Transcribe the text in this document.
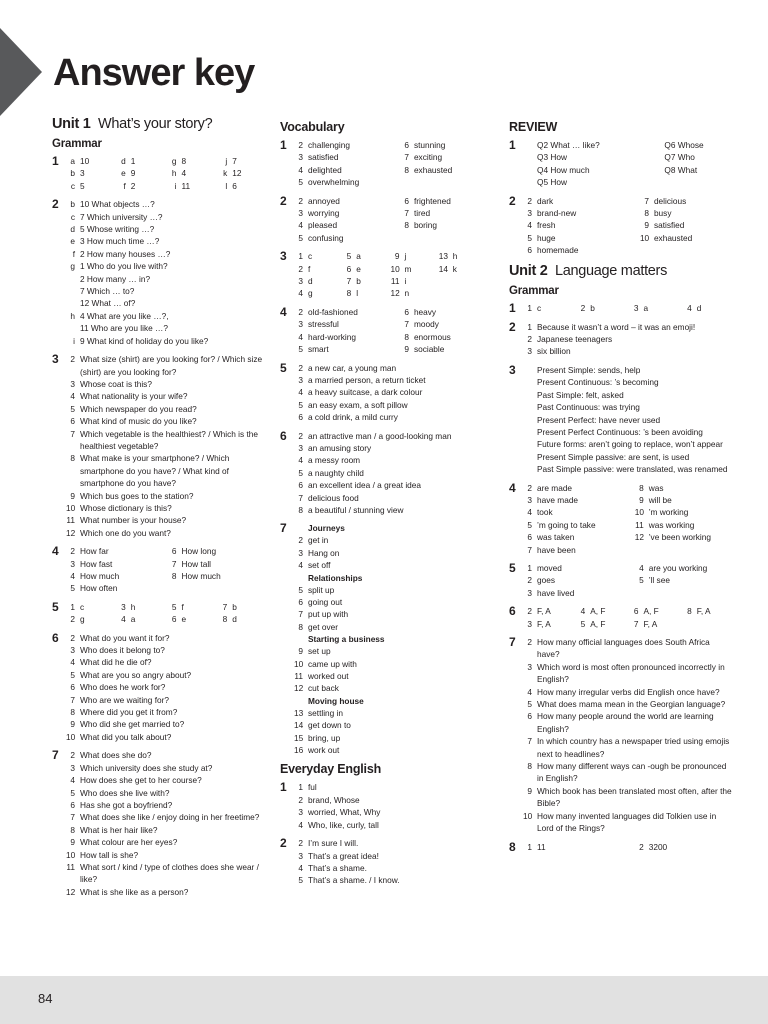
Answer key
Unit 1 What’s your story?
Grammar
1	a 10	d 1	g 8	j 7
b 3	e 9	h 4	k 12
c 5	f 2	i 11	l 6
2	b 10 What objects …?
c 7 Which university …?
d 5 Whose writing …?
e 3 How much time …?
f 2 How many houses …?
g 1 Who do you live with?
2 How many … in?
7 Which … to?
12 What … of?
h 4 What are you like …?,
11 Who are you like …?
i 9 What kind of holiday do you like?
3	2 What size (shirt) are you looking for? / Which size (shirt) are you looking for?
3 Whose coat is this?
4 What nationality is your wife?
5 Which newspaper do you read?
6 What kind of music do you like?
7 Which vegetable is the healthiest? / Which is the healthiest vegetable?
8 What make is your smartphone? / Which smartphone do you have? / What kind of smartphone do you have?
9 Which bus goes to the station?
10 Whose dictionary is this?
11 What number is your house?
12 Which one do you want?
4	2 How far	6 How long
3 How fast	7 How tall
4 How much	8 How much
5 How often
5	1 c	3 h	5 f	7 b
2 g	4 a	6 e	8 d
6	2 What do you want it for?
3 Who does it belong to?
4 What did he die of?
5 What are you so angry about?
6 Who does he work for?
7 Who are we waiting for?
8 Where did you get it from?
9 Who did she get married to?
10 What did you talk about?
7	2 What does she do?
3 Which university does she study at?
4 How does she get to her course?
5 Who does she live with?
6 Has she got a boyfriend?
7 What does she like / enjoy doing in her freetime?
8 What is her hair like?
9 What colour are her eyes?
10 How tall is she?
11 What sort / kind / type of clothes does she wear / like?
12 What is she like as a person?
Vocabulary
1	2 challenging	6 stunning
3 satisfied	7 exciting
4 delighted	8 exhausted
5 overwhelming
2	2 annoyed	6 frightened
3 worrying	7 tired
4 pleased	8 boring
5 confusing
3	1 c	5 a	9 j	13 h
2 f	6 e	10 m	14 k
3 d	7 b	11 i
4 g	8 l	12 n
4	2 old-fashioned	6 heavy
3 stressful	7 moody
4 hard-working	8 enormous
5 smart	9 sociable
5	2 a new car, a young man
3 a married person, a return ticket
4 a heavy suitcase, a dark colour
5 an easy exam, a soft pillow
6 a cold drink, a mild curry
6	2 an attractive man / a good-looking man
3 an amusing story
4 a messy room
5 a naughty child
6 an excellent idea / a great idea
7 delicious food
8 a beautiful / stunning view
7	Journeys
2 get in
3 Hang on
4 set off
Relationships
5 split up
6 going out
7 put up with
8 get over
Starting a business
9 set up
10 came up with
11 worked out
12 cut back
Moving house
13 settling in
14 get down to
15 bring, up
16 work out
Everyday English
1	1 ful
2 brand, Whose
3 worried, What, Why
4 Who, like, curly, tall
2	2 I’m sure I will.
3 That’s a great idea!
4 That’s a shame.
5 That’s a shame. / I know.
REVIEW
1	Q2 What … like?	Q6 Whose
Q3 How	Q7 Who
Q4 How much	Q8 What
Q5 How
2	2 dark	7 delicious
3 brand-new	8 busy
4 fresh	9 satisfied
5 huge	10 exhausted
6 homemade
Unit 2 Language matters
Grammar
1	1 c	2 b	3 a	4 d
2	1 Because it wasn’t a word – it was an emoji!
2 Japanese teenagers
3 six billion
3	Present Simple: sends, help
Present Continuous: ’s becoming
Past Simple: felt, asked
Past Continuous: was trying
Present Perfect: have never used
Present Perfect Continuous: ’s been avoiding
Future forms: aren’t going to replace, won’t appear
Present Simple passive: are sent, is used
Past Simple passive: were translated, was renamed
4	2 are made	8 was
3 have made	9 will be
4 took	10 ’m working
5 ’m going to take	11 was working
6 was taken	12 ’ve been working
7 have been
5	1 moved	4 are you working
2 goes	5 ’ll see
3 have lived
6	2 F, A	4 A, F	6 A, F	8 F, A
3 F, A	5 A, F	7 F, A
7	2 How many official languages does South Africa have?
3 Which word is most often pronounced incorrectly in English?
4 How many irregular verbs did English once have?
5 What does mama mean in the Georgian language?
6 How many people around the world are learning English?
7 In which country has a newspaper tried using emojis next to headlines?
8 How many different ways can -ough be pronounced in English?
9 Which book has been translated most often, after the Bible?
10 How many invented languages did Tolkien use in Lord of the Rings?
8	1 11	2 3200
84
